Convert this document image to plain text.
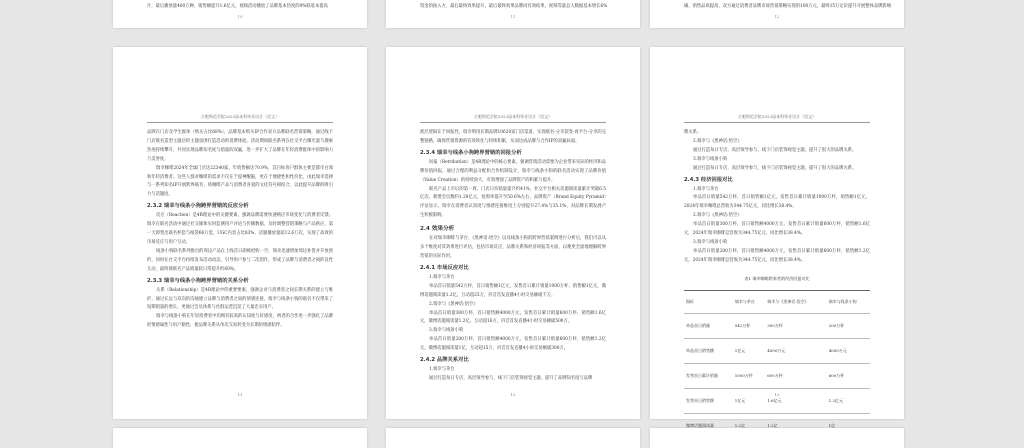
片，最后播放量400万种，销售额提升1.6亿元。视频活动播放了品牌基本热度的9%联基本提高
10
资金的接入方，最后最终效果提升，最后最终效果品牌同有效结果，视频等量总人数据基本增长6%
11
确，销售品质提高，双方通过消费者品牌市场营销策略实现的100万元，最终15万定价提升开展整体品牌影响
12
合肥师范学院2023届本科毕业设计（论文）

品牌在门店及学生群体（购买占比68%），品牌基本购买IP合作双方品牌联名营销策略，通过线下门店联名造型主题店的主题氛围打造活动的消费体验。活动期间联名系列在社交平台曝光量与搜索热度持续攀升，共同实现品牌知名度与销量的双赢，进一步扩大了品牌在年轻消费群体中的影响力与美誉度。

瑞幸咖啡2024年全球门店达22340家，年销售额达70.9%，其目标客户群体主要是都市白领和年轻消费者。这些人群对咖啡的需求不仅在于提神醒脑，更在于便捷性和性价比，由此瑞幸选择与一系列知名IP开展跨界联名，将咖啡产品与消费者喜爱的文化符号相结合，以此提升品牌的吸引力与话题度。

2.3.2 瑞幸与线条小狗跨界营销的反应分析

反应（Reaction）是4R理论中的关键要素，强调品牌需要快速响应市场变化与消费者反馈。瑞幸在联名活动中通过社交媒体实时监测用户评论与传播数据，及时调整营销策略与产品供应，第一天即售出联名杯套与纸袋66万套，UGC内容占比83%，话题播放量超12.6万次，实现了高效的市场反应与用户互动。

线条小狗联名系列推出的周边产品在上线首日即被抢购一空，瑞幸迅速增加周边补货并开放预约，同时在社交平台持续发布活动动态，引导用户参与二次创作，形成了品牌与消费者之间的良性互动，最终使联名产品销量较日常提升约60%。

2.3.3 瑞幸与线条小狗跨界营销的关系分析

关系（Relationship）是4R理论中的重要要素，强调企业与消费者之间长期关系的建立与维护。通过长远与双向的沟通建立品牌与消费者之间的情感连接，瑞幸与线条小狗的联名不仅带来了短期销量的增长，更通过会员体系与社群运营沉淀了大量忠实用户。

瑞幸与线条小狗在年轻消费者中均拥有较高的认知度与好感度，两者的合作进一步强化了品牌的情感属性与用户黏性，使品牌关系从单次交易转变为长期的情感陪伴。

11
合肥师范学院2023届本科毕业设计（论文）

底层逻辑在于回报性，瑞幸利用长期品牌10620家门店渠道，实现联名-分享裂变-再平台-分享的完整链路，确保营销资源的有效转化与持续积累，从而达成品牌与合作IP的双赢局面。

2.3.4 瑞幸与线条小狗跨界营销的回报分析

回报（Retribution）是4R理论中的核心要素，强调营销活动需要为企业带来实际的经济和品牌价值回报。通过合理的利益分配和合作机制设计，瑞幸与线条小狗的联名活动实现了品牌价值（Value Creation）的持续放大，有效增强了品牌资产的积累与提升。

联名产品上市后的第一周，门店日均销量提升约41%，社交平台相关话题阅读量累计突破6.5亿次，新增会员数约1.29亿元，复购率提升至50.6%左右，品牌资产（Brand Equity Pyramid）评估显示，瑞幸在消费者认知度与情感连接维度上分别提升27.4%与35.1%，对品牌长期发展产生积极影响。

2.4 效果分析

在对瑞幸咖啡与茅台、《黑神话:悟空》以及线条小狗的跨界营销案例进行分析后，我们可以从多个维度对其效果进行评估，包括市场反应、品牌关系和经济回报等方面，以便更全面地理解跨界营销的实际作用。

2.4.1 市场反应对比

1.瑞幸与茅台

单品首日销量542万杯，首日销售额1亿元，发售首日累计销量1000万杯，销售额1亿元，微博话题阅读量1.2亿，互动超25万，抖音首发直播4小时交易额破千万。

2.瑞幸与《黑神话:悟空》

单品首日销量300万杯，首日销售额4000万元，发售首日累计销量600万杯，销售额1.6亿元，微博话题阅读量1.2亿，互动超16万，抖音首发直播4小时交易额破500万。

3.瑞幸与线条小狗

单品首日销量200万杯，首日销售额4000万元，发售首日累计销量600万杯，销售额1.2亿元，微博话题阅读量1亿，互动超15万，抖音首发直播4小时交易额破300万。

2.4.2 品牌关系对比

1.瑞幸与茅台

通过打造每日专店，高层领导参与，线下门店装饰视觉主题，提升了品牌知名度与品牌

12
合肥师范学院2023届本科毕业设计（论文）

牌关系。

2.瑞幸与《黑神话:悟空》

通过打造每日专店，高层领导参与，线下门店装饰视觉主题，提升了很大的品牌关系。

3.瑞幸与线条小狗

通过打造每日专店，高层领导参与，线下门店装饰视觉主题，提升了很大的品牌关系。

2.4.3 经济回报对比

1.瑞幸与茅台

单品首日销量542万杯，首日销售额1亿元，发售首日累计销量1000万杯，销售额1亿元，2024年瑞幸咖啡总营收为344.75亿元，同比增长38.4%。

2.瑞幸与《黑神话:悟空》

单品首日销量300万杯，首日销售额4000万元，发售首日累计销量600万杯，销售额1.6亿元，2024年瑞幸咖啡总营收为344.75亿元，同比增长38.4%。

3.瑞幸与线条小狗

单品首日销量200万杯，首日销售额4000万元，发售首日累计销量600万杯，销售额1.2亿元，2024年瑞幸咖啡总营收为344.75亿元，同比增长38.4%。

表1 瑞幸咖啡跨界营销经济回报对比
指标	瑞幸与茅台	瑞幸与《黑神话:悟空》	瑞幸与线条小狗
单品首日销量	542万杯	300万杯	200万杯
单品首日销售额	1亿元	4000万元	4000万元
发售首日累计销量	1000万杯	600万杯	600万杯
发售首日销售额	1亿元	1.6亿元	1.2亿元
微博话题阅读量	1.2亿	1.2亿	1亿
13
